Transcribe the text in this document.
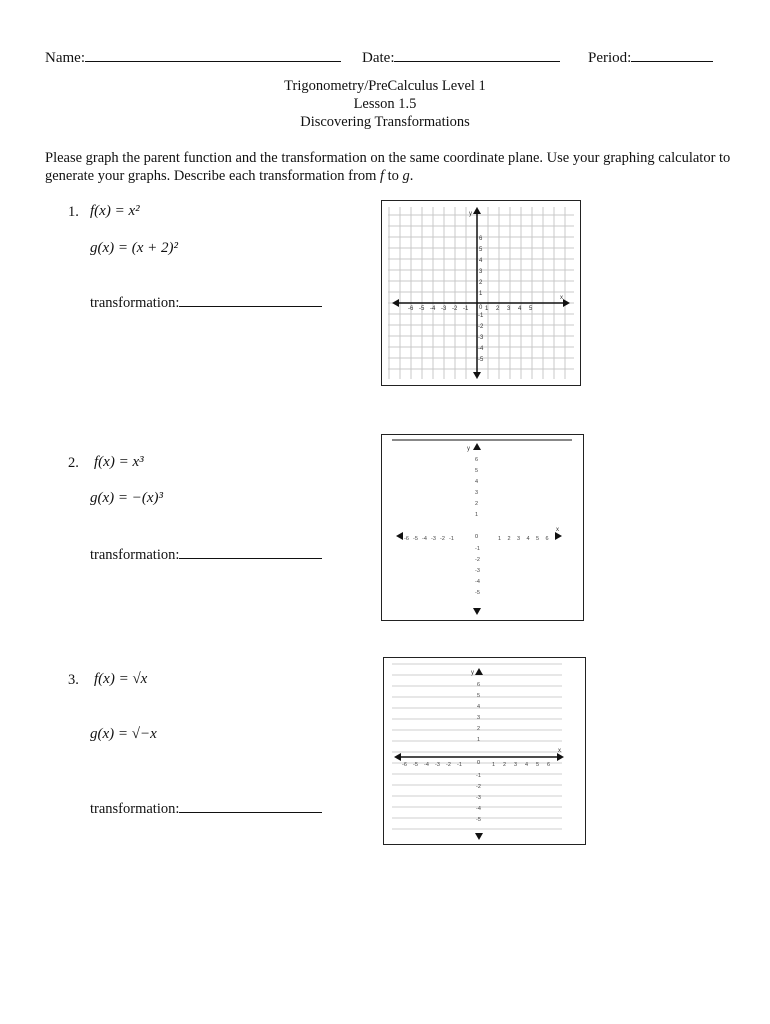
Name:	Date:	Period:
Trigonometry/PreCalculus Level 1
Lesson 1.5
Discovering Transformations
Please graph the parent function and the transformation on the same coordinate plane. Use your graphing calculator to generate your graphs. Describe each transformation from f to g.
1. f(x) = x²
g(x) = (x + 2)²
transformation:
2. f(x) = x³
g(x) = −(x)³
transformation:
3. f(x) = √x
g(x) = √−x
transformation:
y
x
0
-6 -5 -4 -3 -2 -1	1 2 3 4 5
6
5
4
3
2
1
-1
-2
-3
-4
-5
y
x
0
-6 -5 -4 -3 -2 -1	1 2 3 4 5 6
6
5
4
3
2
1
-1
-2
-3
-4
-5
y
x
0
-6 -5 -4 -3 -2 -1	1 2 3 4 5 6
6
5
4
3
2
1
-1
-2
-3
-4
-5
